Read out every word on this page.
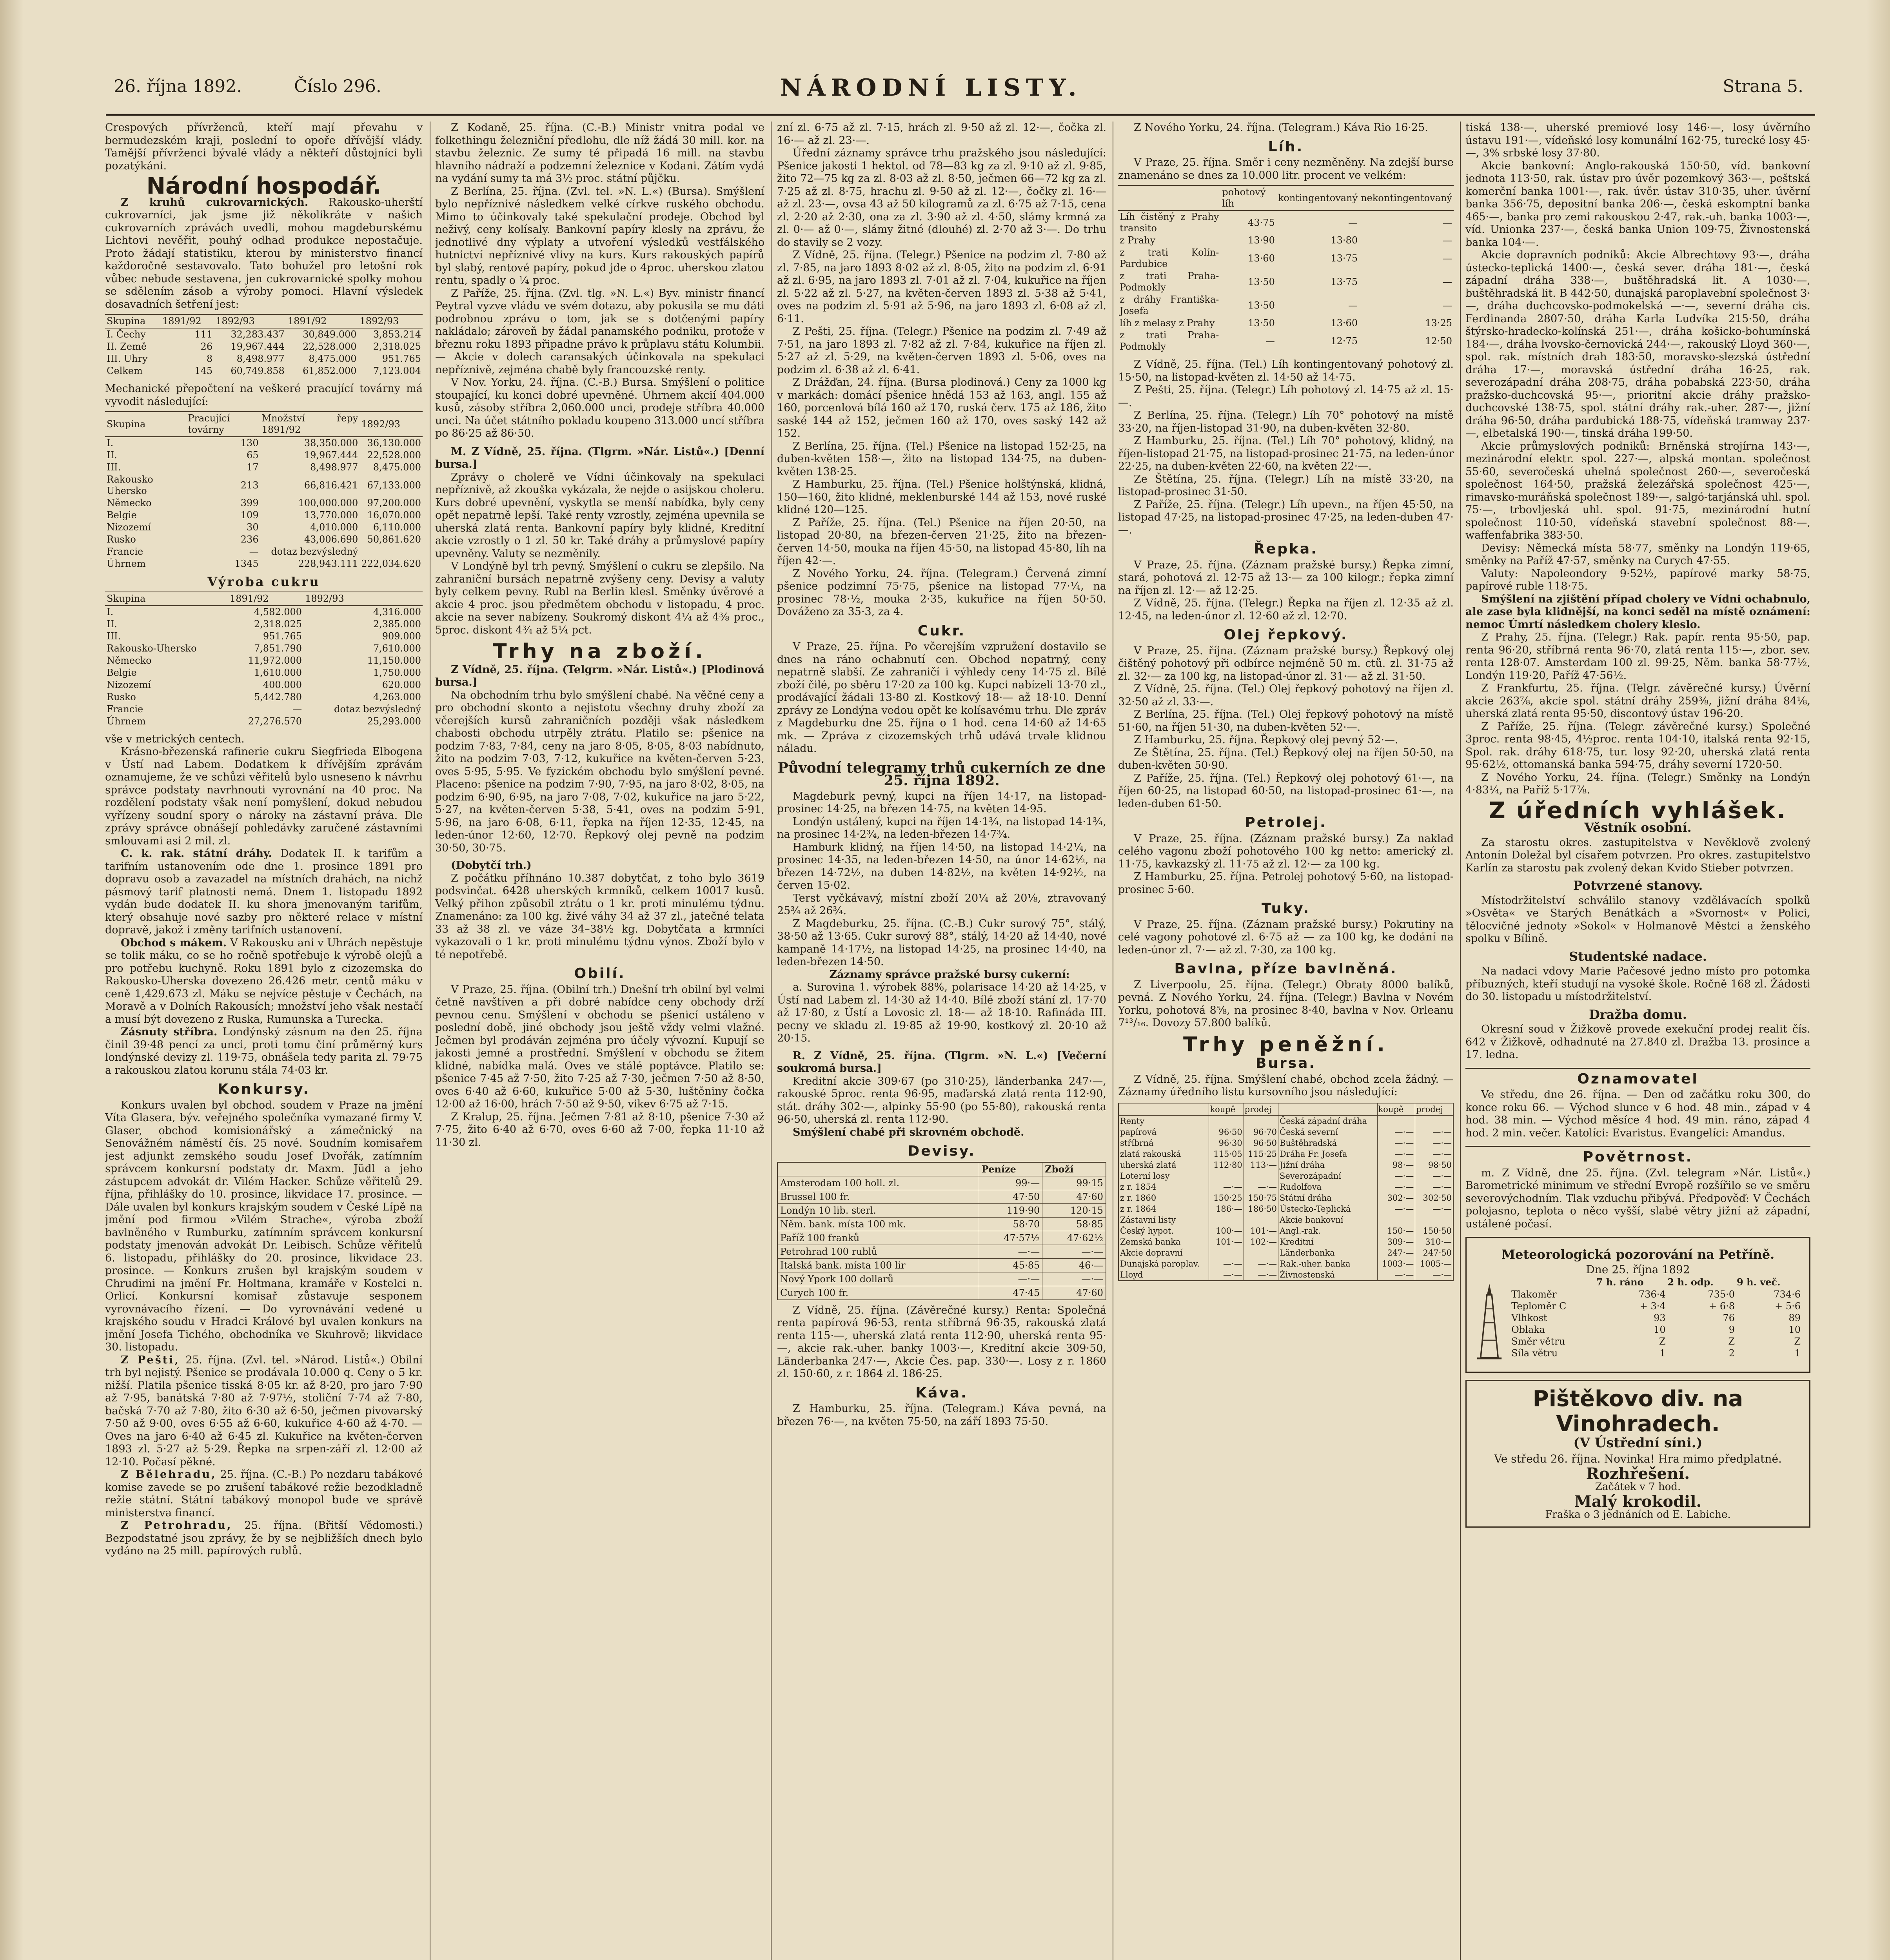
26. října 1892.	Číslo 296.	NÁRODNÍ LISTY.	Strana 5.

Crespových přívrženců, kteří mají převahu v bermudezském kraji, poslední to opoře dřívější vlády. Tamější přívrženci bývalé vlády a někteří důstojníci byli pozatýkáni.

Národní hospodář.

Z kruhů cukrovarnických. Rakousko-uherští cukrovarníci, jak jsme již několikráte v našich cukrovarních zprávách uvedli, mohou magdeburskému Lichtovi nevěřit, pouhý odhad produkce nepostačuje. Proto žádají statistiku, kterou by ministerstvo financí každoročně sestavovalo. Tato bohužel pro letošní rok vůbec nebude sestavena, jen cukrovarnické spolky mohou se sdělením zásob a výroby pomoci. Hlavní výsledek dosavadních šetření jest:

Skupina	1891/92	1892/93	1891/92	1892/93
I. Čechy	111	32,283.437	30,849.000	3,853.214
II. Země	26	19,967.444	22,528.000	2,318.025
III. Uhry	8	8,498.977	8,475.000	951.765
Celkem	145	60,749.858	61,852.000	7,123.004

Mechanické přepočtení na veškeré pracující továrny má vyvodit následující:

Skupina	Pracující továrny	Množství řepy 1891/92	1892/93
I.	130	38,350.000	36,130.000
II.	65	19,967.444	22,528.000
III.	17	8,498.977	8,475.000
Rakousko Uhersko	213	66,816.421	67,133.000
Německo	399	100,000.000	97,200.000
Belgie	109	13,770.000	16,070.000
Nizozemí	30	4,010.000	6,110.000
Rusko	236	43,006.690	50,861.620
Francie	—	dotaz bezvýsledný	
Úhrnem	1345	228,943.111	222,034.620
Výroba cukru
Skupina	1891/92	1892/93
I.	4,582.000	4,316.000
II.	2,318.025	2,385.000
III.	951.765	909.000
Rakousko-Uhersko	7,851.790	7,610.000
Německo	11,972.000	11,150.000
Belgie	1,610.000	1,750.000
Nizozemí	400.000	620.000
Rusko	5,442.780	4,263.000
Francie	—	dotaz bezvýsledný
Úhrnem	27,276.570	25,293.000

vše v metrických centech.

Krásno-březenská rafinerie cukru Siegfrieda Elbogena v Ústí nad Labem. Dodatkem k dřívějším zprávám oznamujeme, že ve schůzi věřitelů bylo usneseno k návrhu správce podstaty navrhnouti vyrovnání na 40 proc. Na rozdělení podstaty však není pomyšlení, dokud nebudou vyřízeny soudní spory o nároky na zástavní práva. Dle zprávy správce obnášejí pohledávky zaručené zástavními smlouvami asi 2 mil. zl.

C. k. rak. státní dráhy. Dodatek II. k tarifům a tarifním ustanovením ode dne 1. prosince 1891 pro dopravu osob a zavazadel na místních drahách, na nichž pásmový tarif platnosti nemá. Dnem 1. listopadu 1892 vydán bude dodatek II. ku shora jmenovaným tarifům, který obsahuje nové sazby pro některé relace v místní dopravě, jakož i změny tarifních ustanovení.

Obchod s mákem. V Rakousku ani v Uhrách nepěstuje se tolik máku, co se ho ročně spotřebuje k výrobě olejů a pro potřebu kuchyně. Roku 1891 bylo z cizozemska do Rakousko-Uherska dovezeno 26.426 metr. centů máku v ceně 1,429.673 zl. Máku se nejvíce pěstuje v Čechách, na Moravě a v Dolních Rakousích; množství jeho však nestačí a musí být dovezeno z Ruska, Rumunska a Turecka.

Zásnuty stříbra. Londýnský zásnum na den 25. října činil 39·48 pencí za unci, proti tomu činí průměrný kurs londýnské devizy zl. 119·75, obnášela tedy parita zl. 79·75 a rakouskou zlatou korunu stála 74·03 kr.

Konkursy.

Konkurs uvalen byl obchod. soudem v Praze na jmění Víta Glasera, býv. veřejného společníka vymazané firmy V. Glaser, obchod komisionářský a zámečnický na Senovážném náměstí čís. 25 nové. Soudním komisařem jest adjunkt zemského soudu Josef Dvořák, zatímním správcem konkursní podstaty dr. Maxm. Jüdl a jeho zástupcem advokát dr. Vilém Hacker. Schůze věřitelů 29. října, přihlášky do 10. prosince, likvidace 17. prosince. — Dále uvalen byl konkurs krajským soudem v České Lípě na jmění pod firmou »Vilém Strache«, výroba zboží bavlněného v Rumburku, zatímním správcem konkursní podstaty jmenován advokát Dr. Leibisch. Schůze věřitelů 6. listopadu, přihlášky do 20. prosince, likvidace 23. prosince. — Konkurs zrušen byl krajským soudem v Chrudimi na jmění Fr. Holtmana, kramáře v Kostelci n. Orlicí. Konkursní komisař zůstavuje sesponem vyrovnávacího řízení. — Do vyrovnávání vedené u krajského soudu v Hradci Králové byl uvalen konkurs na jmění Josefa Tichého, obchodníka ve Skuhrově; likvidace 30. listopadu.

Z Pešti, 25. října. (Zvl. tel. »Národ. Listů«.) Obilní trh byl nejistý. Pšenice se prodávala 10.000 q. Ceny o 5 kr. nižší. Platila pšenice tisská 8·05 kr. až 8·20, pro jaro 7·90 až 7·95, banátská 7·80 až 7·97½, stoliční 7·74 až 7·80, bačská 7·70 až 7·80, žito 6·30 až 6·50, ječmen pivovarský 7·50 až 9·00, oves 6·55 až 6·60, kukuřice 4·60 až 4·70. — Oves na jaro 6·40 až 6·45 zl. Kukuřice na květen-červen 1893 zl. 5·27 až 5·29. Řepka na srpen-září zl. 12·00 až 12·10. Počasí pěkné.

Z Bělehradu, 25. října. (C.-B.) Po nezdaru tabákové komise zavede se po zrušení tabákové režie bezodkladně režie státní. Státní tabákový monopol bude ve správě ministerstva financí.

Z Petrohradu, 25. října. (Břitší Vědomosti.) Bezpodstatné jsou zprávy, že by se nejbližších dnech bylo vydáno na 25 mill. papírových rublů.

Z Kodaně, 25. října. (C.-B.) Ministr vnitra podal ve folkethingu železniční předlohu, dle níž žádá 30 mill. kor. na stavbu železnic. Ze sumy té připadá 16 mill. na stavbu hlavního nádraží a podzemní železnice v Kodani. Zátím vydá na vydání sumy ta má 3½ proc. státní půjčku.

Z Berlína, 25. října. (Zvl. tel. »N. L.«) (Bursa). Smýšlení bylo nepříznivé následkem velké církve ruského obchodu. Mimo to účinkovaly také spekulační prodeje. Obchod byl neživý, ceny kolísaly. Bankovní papíry klesly na zprávu, že jednotlivé dny výplaty a utvoření výsledků vestfálského hutnictví nepříznivé vlivy na kurs. Kurs rakouských papírů byl slabý, rentové papíry, pokud jde o 4proc. uherskou zlatou rentu, spadly o ¼ proc.

Z Paříže, 25. října. (Zvl. tlg. »N. L.«) Byv. ministr financí Peytral vyzve vládu ve svém dotazu, aby pokusila se mu dáti podrobnou zprávu o tom, jak se s dotčenými papíry nakládalo; zároveň by žádal panamského podniku, protože v březnu roku 1893 připadne právo k průplavu státu Kolumbii. — Akcie v dolech caransakých účinkovala na spekulaci nepříznivě, zejména chabě byly francouzské renty.

V Nov. Yorku, 24. října. (C.-B.) Bursa. Smýšlení o politice stoupající, ku konci dobré upevněné. Úhrnem akcií 404.000 kusů, zásoby stříbra 2,060.000 unci, prodeje stříbra 40.000 unci. Na účet státního pokladu koupeno 313.000 uncí stříbra po 86·25 až 86·50.

M. Z Vídně, 25. října. (Tlgrm. »Nár. Listů«.) [Denní bursa.]

Zprávy o cholerě ve Vídni účinkovaly na spekulaci nepříznivě, až zkouška vykázala, že nejde o asijskou choleru. Kurs dobré upevnění, vyskytla se menší nabídka, byly ceny opět nepatrně lepší. Také renty vzrostly, zejména upevnila se uherská zlatá renta. Bankovní papíry byly klidné, Kreditní akcie vzrostly o 1 zl. 50 kr. Také dráhy a průmyslové papíry upevněny. Valuty se nezměnily.

V Londýně byl trh pevný. Smýšlení o cukru se zlepšilo. Na zahraniční bursách nepatrně zvýšeny ceny. Devisy a valuty byly celkem pevny. Rubl na Berlin klesl. Směnky úvěrové a akcie 4 proc. jsou předmětem obchodu v listopadu, 4 proc. akcie na sever nabízeny. Soukromý diskont 4¼ až 4⅜ proc., 5proc. diskont 4¾ až 5¼ pct.

Trhy na zboží.

Z Vídně, 25. října. (Telgrm. »Nár. Listů«.) [Plodinová bursa.]

Na obchodním trhu bylo smýšlení chabé. Na věčné ceny a pro obchodní skonto a nejistotu všechny druhy zboží za včerejších kursů zahraničních později však následkem chabosti obchodu utrpěly ztrátu. Platilo se: pšenice na podzim 7·83, 7·84, ceny na jaro 8·05, 8·05, 8·03 nabídnuto, žito na podzim 7·03, 7·12, kukuřice na květen-červen 5·23, oves 5·95, 5·95. Ve fyzickém obchodu bylo smýšlení pevné. Placeno: pšenice na podzim 7·90, 7·95, na jaro 8·02, 8·05, na podzim 6·90, 6·95, na jaro 7·08, 7·02, kukuřice na jaro 5·22, 5·27, na květen-červen 5·38, 5·41, oves na podzim 5·91, 5·96, na jaro 6·08, 6·11, řepka na říjen 12·35, 12·45, na leden-únor 12·60, 12·70. Řepkový olej pevně na podzim 30·50, 30·75.

(Dobytčí trh.)

Z počátku příhnáno 10.387 dobytčat, z toho bylo 3619 podsvinčat. 6428 uherských krmníků, celkem 10017 kusů. Velký přihon způsobil ztrátu o 1 kr. proti minulému týdnu. Znamenáno: za 100 kg. živé váhy 34 až 37 zl., jatečné telata 33 až 38 zl. ve váze 34–38½ kg. Dobytčata a krmníci vykazovali o 1 kr. proti minulému týdnu výnos. Zboží bylo v té nepotřebě.

Obilí.

V Praze, 25. října. (Obilní trh.) Dnešní trh obilní byl velmi četně navštíven a při dobré nabídce ceny obchody drží pevnou cenu. Smýšlení v obchodu se pšenicí ustáleno v poslední době, jiné obchody jsou ještě vždy velmi vlažné. Ječmen byl prodáván zejména pro účely vývozní. Kupují se jakosti jemné a prostřední. Smýšlení v obchodu se žitem klidné, nabídka malá. Oves ve stálé poptávce. Platilo se: pšenice 7·45 až 7·50, žito 7·25 až 7·30, ječmen 7·50 až 8·50, oves 6·40 až 6·60, kukuřice 5·00 až 5·30, luštěniny čočka 12·00 až 16·00, hrách 7·50 až 9·50, vikev 6·75 až 7·15.

Z Kralup, 25. října. Ječmen 7·81 až 8·10, pšenice 7·30 až 7·75, žito 6·40 až 6·70, oves 6·60 až 7·00, řepka 11·10 až 11·30 zl.

zní zl. 6·75 až zl. 7·15, hrách zl. 9·50 až zl. 12·—, čočka zl. 16·— až zl. 23·—.

Úřední záznamy správce trhu pražského jsou následující: Pšenice jakosti 1 hektol. od 78—83 kg za zl. 9·10 až zl. 9·85, žito 72—75 kg za zl. 8·03 až zl. 8·50, ječmen 66—72 kg za zl. 7·25 až zl. 8·75, hrachu zl. 9·50 až zl. 12·—, čočky zl. 16·— až zl. 23·—, ovsa 43 až 50 kilogramů za zl. 6·75 až 7·15, cena zl. 2·20 až 2·30, ona za zl. 3·90 až zl. 4·50, slámy krmná za zl. 0·— až 0·—, slámy žitné (dlouhé) zl. 2·70 až 3·—. Do trhu do stavily se 2 vozy.

Z Vídně, 25. října. (Telegr.) Pšenice na podzim zl. 7·80 až zl. 7·85, na jaro 1893 8·02 až zl. 8·05, žito na podzim zl. 6·91 až zl. 6·95, na jaro 1893 zl. 7·01 až zl. 7·04, kukuřice na říjen zl. 5·22 až zl. 5·27, na květen-červen 1893 zl. 5·38 až 5·41, oves na podzim zl. 5·91 až 5·96, na jaro 1893 zl. 6·08 až zl. 6·11.

Z Pešti, 25. října. (Telegr.) Pšenice na podzim zl. 7·49 až 7·51, na jaro 1893 zl. 7·82 až zl. 7·84, kukuřice na říjen zl. 5·27 až zl. 5·29, na květen-červen 1893 zl. 5·06, oves na podzim zl. 6·38 až zl. 6·41.

Z Drážďan, 24. října. (Bursa plodinová.) Ceny za 1000 kg v markách: domácí pšenice hnědá 153 až 163, angl. 155 až 160, porcenlová bílá 160 až 170, ruská červ. 175 až 186, žito saské 144 až 152, ječmen 160 až 170, oves saský 142 až 152.

Z Berlína, 25. října. (Tel.) Pšenice na listopad 152·25, na duben-květen 158·—, žito na listopad 134·75, na duben-květen 138·25.

Z Hamburku, 25. října. (Tel.) Pšenice holštýnská, klidná, 150—160, žito klidné, meklenburské 144 až 153, nové ruské klidné 120—125.

Z Paříže, 25. října. (Tel.) Pšenice na říjen 20·50, na listopad 20·80, na březen-červen 21·25, žito na březen-červen 14·50, mouka na říjen 45·50, na listopad 45·80, líh na říjen 42·—.

Z Nového Yorku, 24. října. (Telegram.) Červená zimní pšenice podzimní 75·75, pšenice na listopad 77·¼, na prosinec 78·½, mouka 2·35, kukuřice na říjen 50·50. Dováženo za 35·3, za 4.

Cukr.

V Praze, 25. října. Po včerejším vzpružení dostavilo se dnes na ráno ochabnutí cen. Obchod nepatrný, ceny nepatrně slabší. Ze zahraničí i výhledy ceny 14·75 zl. Bílé zboží čilé, po sběru 17·20 za 100 kg. Kupci nabízeli 13·70 zl., prodávající žádali 13·80 zl. Kostkový 18·— až 18·10. Denní zprávy ze Londýna vedou opět ke kolísavému trhu. Dle zpráv z Magdeburku dne 25. října o 1 hod. cena 14·60 až 14·65 mk. — Zpráva z cizozemských trhů udává trvale klidnou náladu.

Původní telegramy trhů cukerních ze dne 25. října 1892.

Magdeburk pevný, kupci na říjen 14·17, na listopad-prosinec 14·25, na březen 14·75, na květen 14·95.

Londýn ustálený, kupci na říjen 14·1¾, na listopad 14·1¾, na prosinec 14·2¾, na leden-březen 14·7¾.

Hamburk klidný, na říjen 14·50, na listopad 14·2¼, na prosinec 14·35, na leden-březen 14·50, na únor 14·62½, na březen 14·72½, na duben 14·82½, na květen 14·92½, na červen 15·02.

Terst vyčkávavý, místní zboží 20¼ až 20⅛, ztravovaný 25¾ až 26¾.

Z Magdeburku, 25. října. (C.-B.) Cukr surový 75°, stálý, 38·50 až 13·65. Cukr surový 88°, stálý, 14·20 až 14·40, nové kampaně 14·17½, na listopad 14·25, na prosinec 14·40, na leden-březen 14·50.

Záznamy správce pražské bursy cukerní:

a. Surovina 1. výrobek 88%, polarisace 14·20 až 14·25, v Ústí nad Labem zl. 14·30 až 14·40. Bílé zboží stání zl. 17·70 až 17·80, z Ústí a Lovosic zl. 18·— až 18·10. Rafináda III. pecny ve skladu zl. 19·85 až 19·90, kostkový zl. 20·10 až 20·15.

R. Z Vídně, 25. října. (Tlgrm. »N. L.«) [Večerní soukromá bursa.]

Kreditní akcie 309·67 (po 310·25), länderbanka 247·—, rakouské 5proc. renta 96·95, maďarská zlatá renta 112·90, stát. dráhy 302·—, alpinky 55·90 (po 55·80), rakouská renta 96·50, uherská zl. renta 112·90.

Smýšlení chabé při skrovném obchodě.

Devisy.
	Peníze	Zboží
Amsterodam 100 holl. zl.	99·—	99·15
Brussel 100 fr.	47·50	47·60
Londýn 10 lib. sterl.	119·90	120·15
Něm. bank. místa 100 mk.	58·70	58·85
Paříž 100 franků	47·57½	47·62½
Petrohrad 100 rublů	—·—	—·—
Italská bank. místa 100 lir	45·85	46·—
Nový Ypork 100 dollarů	—·—	—·—
Curych 100 fr.	47·45	47·60

Z Vídně, 25. října. (Závěrečné kursy.) Renta: Společná renta papírová 96·53, renta stříbrná 96·35, rakouská zlatá renta 115·—, uherská zlatá renta 112·90, uherská renta 95·—, akcie rak.-uher. banky 1003·—, Kreditní akcie 309·50, Länderbanka 247·—, Akcie Čes. pap. 330·—. Losy z r. 1860 zl. 150·60, z r. 1864 zl. 186·25.

Káva.

Z Hamburku, 25. října. (Telegram.) Káva pevná, na březen 76·—, na květen 75·50, na září 1893 75·50.

Z Nového Yorku, 24. října. (Telegram.) Káva Rio 16·25.

Líh.

V Praze, 25. října. Směr i ceny nezměněny. Na zdejší burse znamenáno se dnes za 10.000 litr. procent ve velkém:

	pohotový líh	kontingentovaný	nekontingentovaný
Líh čistěný z Prahy transito	43·75	—	—
z Prahy	13·90	13·80	—
z trati Kolín-Pardubice	13·60	13·75	—
z trati Praha-Podmokly	13·50	13·75	—
z dráhy Františka-Josefa	13·50	—	—
líh z melasy z Prahy	13·50	13·60	13·25
z trati Praha-Podmokly	—	12·75	12·50

Z Vídně, 25. října. (Tel.) Líh kontingentovaný pohotový zl. 15·50, na listopad-květen zl. 14·50 až 14·75.

Z Pešti, 25. října. (Telegr.) Líh pohotový zl. 14·75 až zl. 15·—.

Z Berlína, 25. října. (Telegr.) Líh 70° pohotový na místě 33·20, na říjen-listopad 31·90, na duben-květen 32·80.

Z Hamburku, 25. října. (Tel.) Líh 70° pohotový, klidný, na říjen-listopad 21·75, na listopad-prosinec 21·75, na leden-únor 22·25, na duben-květen 22·60, na květen 22·—.

Ze Štětína, 25. října. (Telegr.) Líh na místě 33·20, na listopad-prosinec 31·50.

Z Paříže, 25. října. (Telegr.) Líh upevn., na říjen 45·50, na listopad 47·25, na listopad-prosinec 47·25, na leden-duben 47·—.

Řepka.

V Praze, 25. října. (Záznam pražské bursy.) Řepka zimní, stará, pohotová zl. 12·75 až 13·— za 100 kilogr.; řepka zimní na říjen zl. 12·— až 12·25.

Z Vídně, 25. října. (Telegr.) Řepka na říjen zl. 12·35 až zl. 12·45, na leden-únor zl. 12·60 až zl. 12·70.

Olej řepkový.

V Praze, 25. října. (Záznam pražské bursy.) Řepkový olej čištěný pohotový při odbírce nejméně 50 m. ctů. zl. 31·75 až zl. 32·— za 100 kg, na listopad-únor zl. 31·— až zl. 31·50.

Z Vídně, 25. října. (Tel.) Olej řepkový pohotový na říjen zl. 32·50 až zl. 33·—.

Z Berlína, 25. října. (Tel.) Olej řepkový pohotový na místě 51·60, na říjen 51·30, na duben-květen 52·—.

Z Hamburku, 25. října. Řepkový olej pevný 52·—.

Ze Štětína, 25. října. (Tel.) Řepkový olej na říjen 50·50, na duben-květen 50·90.

Z Paříže, 25. října. (Tel.) Řepkový olej pohotový 61·—, na říjen 60·25, na listopad 60·50, na listopad-prosinec 61·—, na leden-duben 61·50.

Petrolej.

V Praze, 25. října. (Záznam pražské bursy.) Za naklad celého vagonu zboží pohotového 100 kg netto: americký zl. 11·75, kavkazský zl. 11·75 až zl. 12·— za 100 kg.

Z Hamburku, 25. října. Petrolej pohotový 5·60, na listopad-prosinec 5·60.

Tuky.

V Praze, 25. října. (Záznam pražské bursy.) Pokrutiny na celé vagony pohotové zl. 6·75 až — za 100 kg, ke dodání na leden-únor zl. 7·— až zl. 7·30, za 100 kg.

Bavlna, příze bavlněná.

Z Liverpoolu, 25. října. (Telegr.) Obraty 8000 balíků, pevná. Z Nového Yorku, 24. října. (Telegr.) Bavlna v Novém Yorku, pohotová 8⅝, na prosinec 8·40, bavlna v Nov. Orleanu 7¹³/₁₆. Dovozy 57.800 balíků.

Trhy peněžní.
Bursa.

Z Vídně, 25. října. Smýšlení chabé, obchod zcela žádný. — Záznamy úředního listu kursovního jsou následující:

	koupě	prodej		koupě	prodej
Renty			Česká západní dráha		
papírová	96·50	96·70	Česká severní	—·—	—·—
stříbrná	96·30	96·50	Buštěhradská	—·—	—·—
zlatá rakouská	115·05	115·25	Dráha Fr. Josefa	—·—	—·—
uherská zlatá	112·80	113·—	Jižní dráha	98·—	98·50
Loterní losy			Severozápadní	—·—	—·—
z r. 1854	—·—	—·—	Rudolfova	—·—	—·—
z r. 1860	150·25	150·75	Státní dráha	302·—	302·50
z r. 1864	186·—	186·50	Ústecko-Teplická	—·—	—·—
Zástavní listy			Akcie bankovní		
Český hypot.	100·—	101·—	Angl.-rak.	150·—	150·50
Zemská banka	101·—	102·—	Kreditní	309·—	310·—
Akcie dopravní			Länderbanka	247·—	247·50
Dunajská paroplav.	—·—	—·—	Rak.-uher. banka	1003·—	1005·—
Lloyd	—·—	—·—	Živnostenská	—·—	—·—

tiská 138·—, uherské premiové losy 146·—, losy úvěrního ústavu 191·—, vídeňské losy komunální 162·75, turecké losy 45·—, 3% srbské losy 37·80.

Akcie bankovní: Anglo-rakouská 150·50, víd. bankovní jednota 113·50, rak. ústav pro úvěr pozemkový 363·—, peštská komerční banka 1001·—, rak. úvěr. ústav 310·35, uher. úvěrní banka 356·75, depositní banka 206·—, česká eskomptní banka 465·—, banka pro zemi rakouskou 2·47, rak.-uh. banka 1003·—, víd. Unionka 237·—, česká banka Union 109·75, Živnostenská banka 104·—.

Akcie dopravních podniků: Akcie Albrechtovy 93·—, dráha ústecko-teplická 1400·—, česká sever. dráha 181·—, česká západní dráha 338·—, buštěhradská lit. A 1030·—, buštěhradská lit. B 442·50, dunajská paroplavební společnost 3·—, dráha duchcovsko-podmokelská —·—, severní dráha cis. Ferdinanda 2807·50, dráha Karla Ludvíka 215·50, dráha štýrsko-hradecko-kolínská 251·—, dráha košicko-bohumínská 184·—, dráha lvovsko-černovická 244·—, rakouský Lloyd 360·—, spol. rak. místních drah 183·50, moravsko-slezská ústřední dráha 17·—, moravská ústřední dráha 16·25, rak. severozápadní dráha 208·75, dráha pobabská 223·50, dráha pražsko-duchcovská 95·—, prioritní akcie dráhy pražsko-duchcovské 138·75, spol. státní dráhy rak.-uher. 287·—, jižní dráha 96·50, dráha pardubická 188·75, vídeňská tramway 237·—, elbetalská 190·—, tinská dráha 199·50.

Akcie průmyslových podniků: Brněnská strojírna 143·—, mezinárodní elektr. spol. 227·—, alpská montan. společnost 55·60, severočeská uhelná společnost 260·—, severočeská společnost 164·50, pražská železářská společnost 425·—, rimavsko-muráňská společnost 189·—, salgó-tarjánská uhl. spol. 75·—, trbovljeská uhl. spol. 91·75, mezinárodní hutní společnost 110·50, vídeňská stavební společnost 88·—, waffenfabrika 383·50.

Devisy: Německá místa 58·77, směnky na Londýn 119·65, směnky na Paříž 47·57, směnky na Curych 47·55.

Valuty: Napoleondory 9·52½, papírové marky 58·75, papírové ruble 118·75.

Smýšlení na zjištění případ cholery ve Vídni ochabnulo, ale zase byla klidnější, na konci seděl na místě oznámení: nemoc Úmrtí následkem cholery kleslo.

Z Prahy, 25. října. (Telegr.) Rak. papír. renta 95·50, pap. renta 96·20, stříbrná renta 96·70, zlatá renta 115·—, zbor. sev. renta 128·07. Amsterdam 100 zl. 99·25, Něm. banka 58·77½, Londýn 119·20, Paříž 47·56½.

Z Frankfurtu, 25. října. (Telgr. závěrečné kursy.) Úvěrní akcie 263⅞, akcie spol. státní dráhy 259⅜, jižní dráha 84⅛, uherská zlatá renta 95·50, discontový ústav 196·20.

Z Paříže, 25. října. (Telegr. závěrečné kursy.) Společné 3proc. renta 98·45, 4½proc. renta 104·10, italská renta 92·15, Spol. rak. dráhy 618·75, tur. losy 92·20, uherská zlatá renta 95·62½, ottomanská banka 594·75, dráhy severní 1720·50.

Z Nového Yorku, 24. října. (Telegr.) Směnky na Londýn 4·83¼, na Paříž 5·17⅞.

Z úředních vyhlášek.
Věstník osobní.

Za starostu okres. zastupitelstva v Nevěklově zvolený Antonín Doležal byl císařem potvrzen. Pro okres. zastupitelstvo Karlín za starostu pak zvolený dekan Kvido Stieber potvrzen.

Potvrzené stanovy.

Místodržitelství schválilo stanovy vzdělávacích spolků »Osvěta« ve Starých Benátkách a »Svornost« v Polici, tělocvičné jednoty »Sokol« v Holmanově Městci a ženského spolku v Bílině.

Studentské nadace.

Na nadaci vdovy Marie Pačesové jedno místo pro potomka příbuzných, kteří studují na vysoké škole. Ročně 168 zl. Žádosti do 30. listopadu u místodržitelství.

Dražba domu.

Okresní soud v Žižkově provede exekuční prodej realit čís. 642 v Žižkově, odhadnuté na 27.840 zl. Dražba 13. prosince a 17. ledna.

Oznamovatel

Ve středu, dne 26. října. — Den od začátku roku 300, do konce roku 66. — Východ slunce v 6 hod. 48 min., západ v 4 hod. 38 min. — Východ měsíce 4 hod. 49 min. ráno, západ 4 hod. 2 min. večer. Katolíci: Evaristus. Evangelíci: Amandus.

Povětrnost.

m. Z Vídně, dne 25. října. (Zvl. telegram »Nár. Listů«.) Barometrické minimum ve střední Evropě rozšířilo se ve směru severovýchodním. Tlak vzduchu přibývá. Předpověď: V Čechách polojasno, teplota o něco vyšší, slabé větry jižní až západní, ustálené počasí.

Meteorologická pozorování na Petříně.
Dne 25. října 1892
	7 h. ráno	2 h. odp.	9 h. več.
Tlakoměr	736·4	735·0	734·6
Teploměr C	+ 3·4	+ 6·8	+ 5·6
Vlhkost	93	76	89
Oblaka	10	9	10
Směr větru	Z	Z	Z
Síla větru	1	2	1
Pištěkovo div. na Vinohradech.
(V Ústřední síni.)
Ve středu 26. října. Novinka! Hra mimo předplatné.
Rozhřešení.
Začátek v 7 hod.
Malý krokodil.
Fraška o 3 jednáních od E. Labiche.
